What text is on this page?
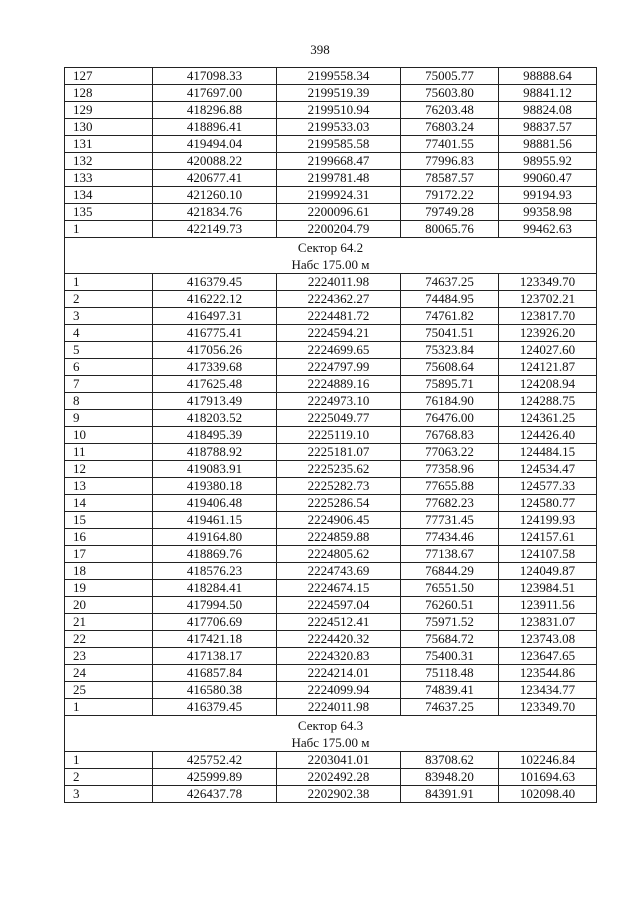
398
127	417098.33	2199558.34	75005.77	98888.64
128	417697.00	2199519.39	75603.80	98841.12
129	418296.88	2199510.94	76203.48	98824.08
130	418896.41	2199533.03	76803.24	98837.57
131	419494.04	2199585.58	77401.55	98881.56
132	420088.22	2199668.47	77996.83	98955.92
133	420677.41	2199781.48	78587.57	99060.47
134	421260.10	2199924.31	79172.22	99194.93
135	421834.76	2200096.61	79749.28	99358.98
1	422149.73	2200204.79	80065.76	99462.63

Сектор 64.2
Набс 175.00 м				

1	416379.45	2224011.98	74637.25	123349.70
2	416222.12	2224362.27	74484.95	123702.21
3	416497.31	2224481.72	74761.82	123817.70
4	416775.41	2224594.21	75041.51	123926.20
5	417056.26	2224699.65	75323.84	124027.60
6	417339.68	2224797.99	75608.64	124121.87
7	417625.48	2224889.16	75895.71	124208.94
8	417913.49	2224973.10	76184.90	124288.75
9	418203.52	2225049.77	76476.00	124361.25
10	418495.39	2225119.10	76768.83	124426.40
11	418788.92	2225181.07	77063.22	124484.15
12	419083.91	2225235.62	77358.96	124534.47
13	419380.18	2225282.73	77655.88	124577.33
14	419406.48	2225286.54	77682.23	124580.77
15	419461.15	2224906.45	77731.45	124199.93
16	419164.80	2224859.88	77434.46	124157.61
17	418869.76	2224805.62	77138.67	124107.58
18	418576.23	2224743.69	76844.29	124049.87
19	418284.41	2224674.15	76551.50	123984.51
20	417994.50	2224597.04	76260.51	123911.56
21	417706.69	2224512.41	75971.52	123831.07
22	417421.18	2224420.32	75684.72	123743.08
23	417138.17	2224320.83	75400.31	123647.65
24	416857.84	2224214.01	75118.48	123544.86
25	416580.38	2224099.94	74839.41	123434.77
1	416379.45	2224011.98	74637.25	123349.70

Сектор 64.3
Набс 175.00 м				

1	425752.42	2203041.01	83708.62	102246.84
2	425999.89	2202492.28	83948.20	101694.63
3	426437.78	2202902.38	84391.91	102098.40
